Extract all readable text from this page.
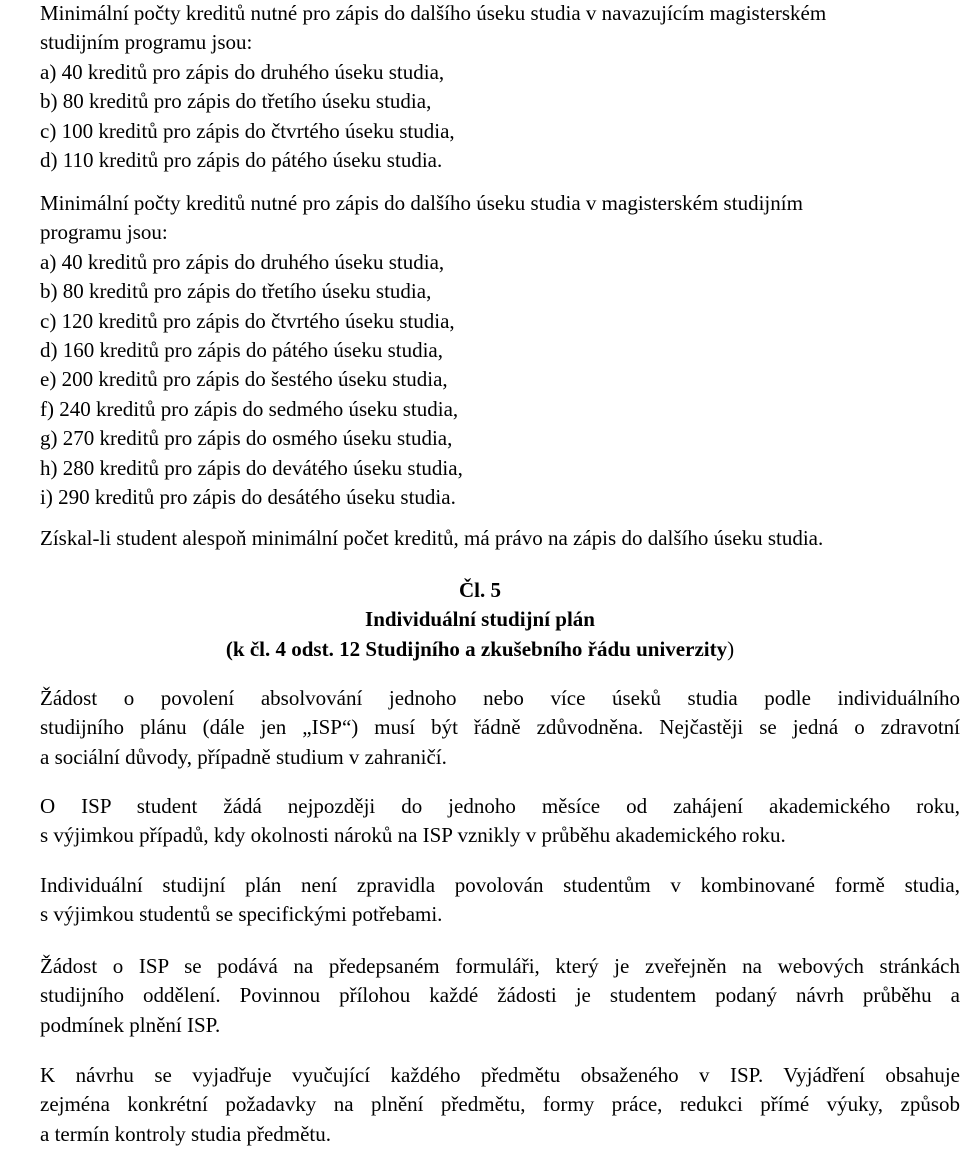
Minimální počty kreditů nutné pro zápis do dalšího úseku studia v navazujícím magisterském
studijním programu jsou:
a) 40 kreditů pro zápis do druhého úseku studia,
b) 80 kreditů pro zápis do třetího úseku studia,
c) 100 kreditů pro zápis do čtvrtého úseku studia,
d) 110 kreditů pro zápis do pátého úseku studia.
Minimální počty kreditů nutné pro zápis do dalšího úseku studia v magisterském studijním
programu jsou:
a) 40 kreditů pro zápis do druhého úseku studia,
b) 80 kreditů pro zápis do třetího úseku studia,
c) 120 kreditů pro zápis do čtvrtého úseku studia,
d) 160 kreditů pro zápis do pátého úseku studia,
e) 200 kreditů pro zápis do šestého úseku studia,
f) 240 kreditů pro zápis do sedmého úseku studia,
g) 270 kreditů pro zápis do osmého úseku studia,
h) 280 kreditů pro zápis do devátého úseku studia,
i) 290 kreditů pro zápis do desátého úseku studia.
Získal-li student alespoň minimální počet kreditů, má právo na zápis do dalšího úseku studia.
Čl. 5
Individuální studijní plán
(k čl. 4 odst. 12 Studijního a zkušebního řádu univerzity)
Žádost o povolení absolvování jednoho nebo více úseků studia podle individuálního
studijního plánu (dále jen „ISP“) musí být řádně zdůvodněna. Nejčastěji se jedná o zdravotní
a sociální důvody, případně studium v zahraničí.
O ISP student žádá nejpozději do jednoho měsíce od zahájení akademického roku,
s výjimkou případů, kdy okolnosti nároků na ISP vznikly v průběhu akademického roku.
Individuální studijní plán není zpravidla povolován studentům v kombinované formě studia,
s výjimkou studentů se specifickými potřebami.
Žádost o ISP se podává na předepsaném formuláři, který je zveřejněn na webových stránkách
studijního oddělení. Povinnou přílohou každé žádosti je studentem podaný návrh průběhu a
podmínek plnění ISP.
K návrhu se vyjadřuje vyučující každého předmětu obsaženého v ISP. Vyjádření obsahuje
zejména konkrétní požadavky na plnění předmětu, formy práce, redukci přímé výuky, způsob
a termín kontroly studia předmětu.
